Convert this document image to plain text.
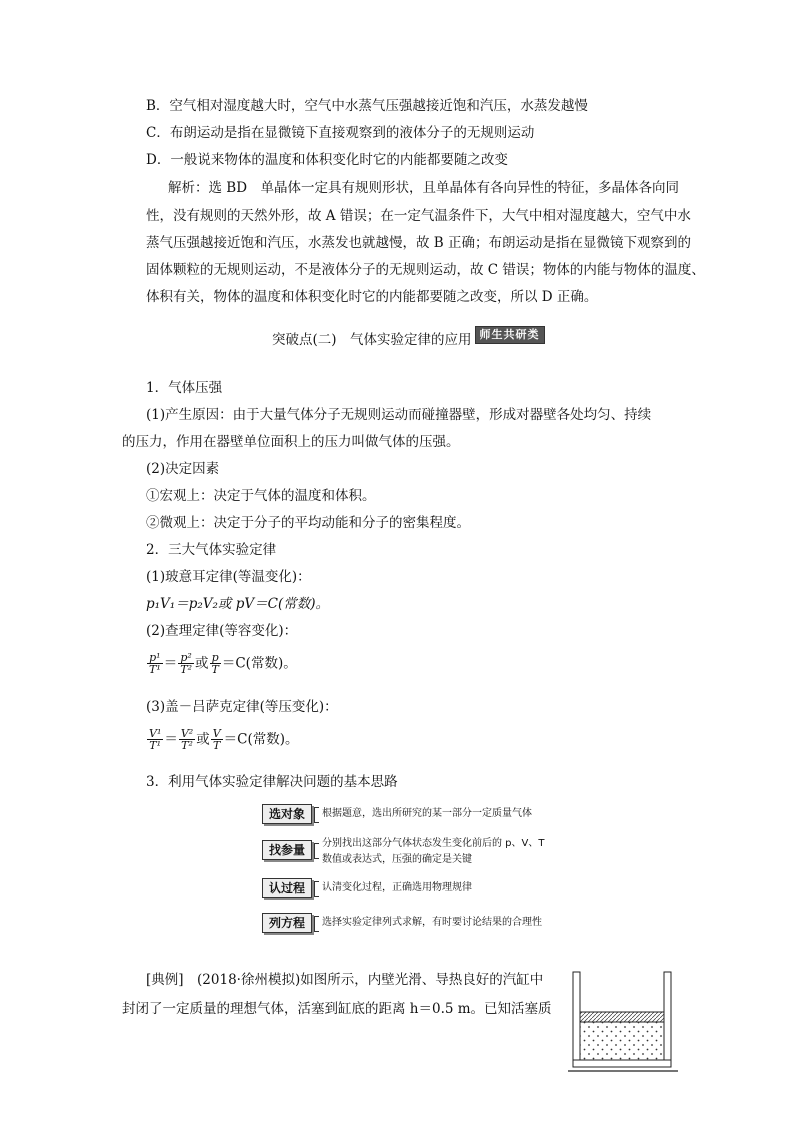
B．空气相对湿度越大时，空气中水蒸气压强越接近饱和汽压，水蒸发越慢
C．布朗运动是指在显微镜下直接观察到的液体分子的无规则运动
D．一般说来物体的温度和体积变化时它的内能都要随之改变
解析：选 BD　单晶体一定具有规则形状，且单晶体有各向异性的特征，多晶体各向同
性，没有规则的天然外形，故 A 错误；在一定气温条件下，大气中相对湿度越大，空气中水
蒸气压强越接近饱和汽压，水蒸发也就越慢，故 B 正确；布朗运动是指在显微镜下观察到的
固体颗粒的无规则运动，不是液体分子的无规则运动，故 C 错误；物体的内能与物体的温度、
体积有关，物体的温度和体积变化时它的内能都要随之改变，所以 D 正确。
突破点(二)　气体实验定律的应用 师生共研类
1．气体压强
(1)产生原因：由于大量气体分子无规则运动而碰撞器壁，形成对器壁各处均匀、持续
的压力，作用在器壁单位面积上的压力叫做气体的压强。
(2)决定因素
①宏观上：决定于气体的温度和体积。
②微观上：决定于分子的平均动能和分子的密集程度。
2．三大气体实验定律
(1)玻意耳定律(等温变化)：
p₁V₁＝p₂V₂或 pV＝C(常数)。
(2)查理定律(等容变化)：
$\frac{\text{p¹}}{\text{T¹}} = \frac{\text{p²}}{\text{T²}}$ 或 $\frac{p}{T} =C$(常数)。
(3)盖－吕萨克定律(等压变化)：
$\frac{\text{V¹}}{\text{T¹}} = \frac{\text{V²}}{\text{T²}}$ 或 $\frac{V}{T} =C$(常数)。
3．利用气体实验定律解决问题的基本思路
选对象	根据题意，选出所研究的某一部分一定质量气体
找参量	分别找出这部分气体状态发生变化前后的 p、V、T
数值或表达式，压强的确定是关键
认过程	认清变化过程，正确选用物理规律
列方程	选择实验定律列式求解，有时要讨论结果的合理性
[典例]　(2018·徐州模拟)如图所示，内壁光滑、导热良好的汽缸中
封闭了一定质量的理想气体，活塞到缸底的距离 h＝0.5 m。已知活塞质
